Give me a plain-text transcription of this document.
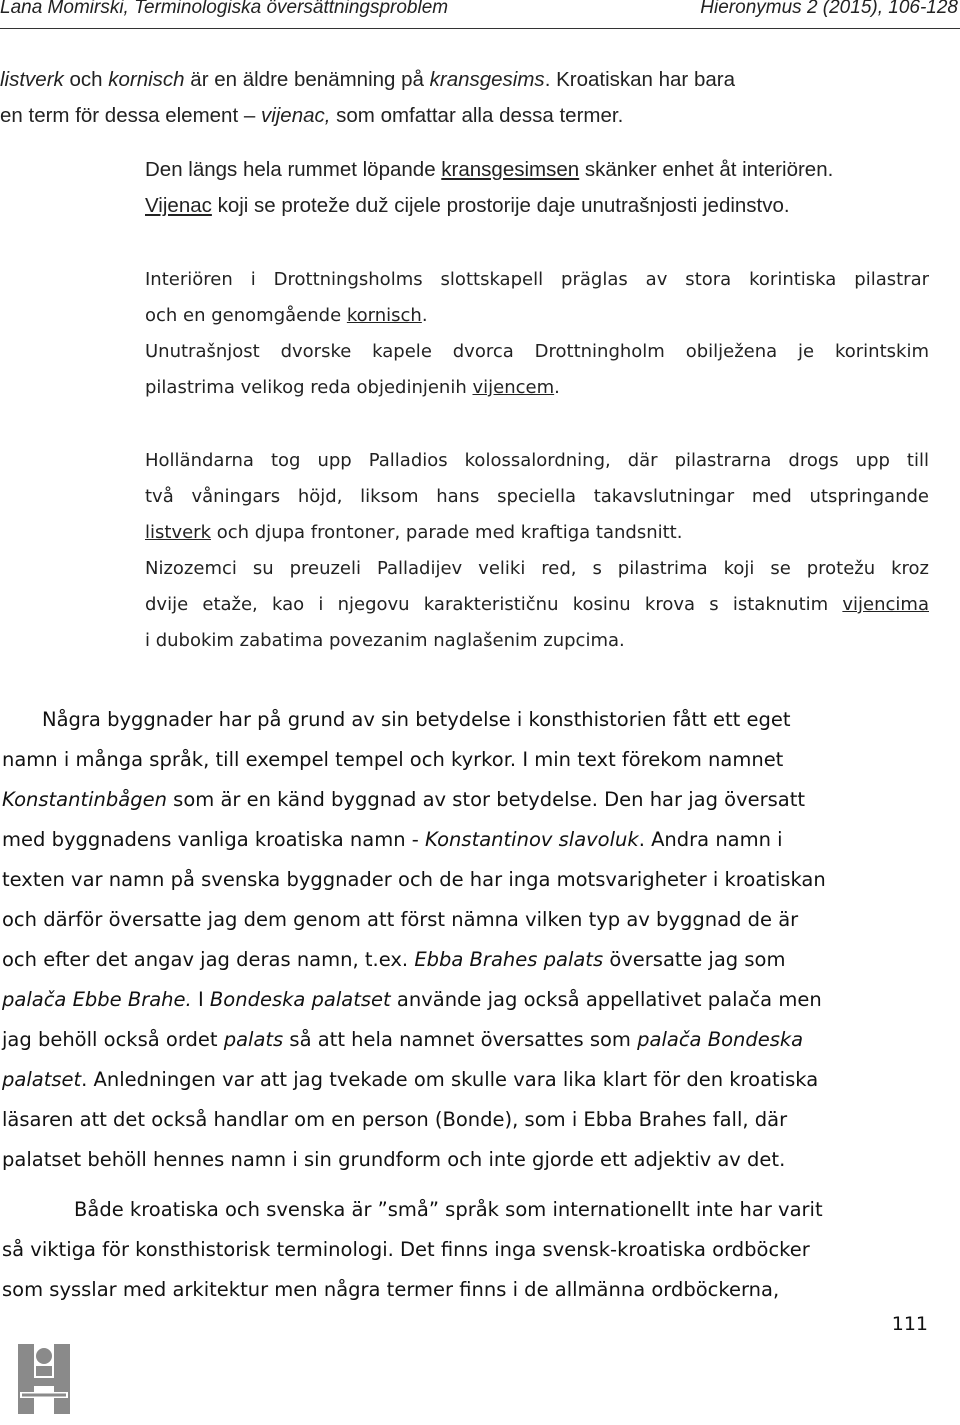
Lana Momirski, Terminologiska översättningsproblem	Hieronymus 2 (2015), 106-128
listverk och kornisch är en äldre benämning på kransgesims. Kroatiskan har bara
en term för dessa element – vijenac, som omfattar alla dessa termer.
Den längs hela rummet löpande kransgesimsen skänker enhet åt interiören.
Vijenac koji se proteže duž cijele prostorije daje unutrašnjosti jedinstvo.
Interiören i Drottningsholms slottskapell präglas av stora korintiska pilastrar
och en genomgående kornisch.
Unutrašnjost dvorske kapele dvorca Drottningholm obilježena je korintskim
pilastrima velikog reda objedinjenih vijencem.
Holländarna tog upp Palladios kolossalordning, där pilastrarna drogs upp till
två våningars höjd, liksom hans speciella takavslutningar med utspringande
listverk och djupa frontoner, parade med kraftiga tandsnitt.
Nizozemci su preuzeli Palladijev veliki red, s pilastrima koji se protežu kroz
dvije etaže, kao i njegovu karakterističnu kosinu krova s istaknutim vijencima
i dubokim zabatima povezanim naglašenim zupcima.
Några byggnader har på grund av sin betydelse i konsthistorien fått ett eget
namn i många språk, till exempel tempel och kyrkor. I min text förekom namnet
Konstantinbågen som är en känd byggnad av stor betydelse. Den har jag översatt
med byggnadens vanliga kroatiska namn - Konstantinov slavoluk. Andra namn i
texten var namn på svenska byggnader och de har inga motsvarigheter i kroatiskan
och därför översatte jag dem genom att först nämna vilken typ av byggnad de är
och efter det angav jag deras namn, t.ex. Ebba Brahes palats översatte jag som
palača Ebbe Brahe. I Bondeska palatset använde jag också appellativet palača men
jag behöll också ordet palats så att hela namnet översattes som palača Bondeska
palatset. Anledningen var att jag tvekade om skulle vara lika klart för den kroatiska
läsaren att det också handlar om en person (Bonde), som i Ebba Brahes fall, där
palatset behöll hennes namn i sin grundform och inte gjorde ett adjektiv av det.
Både kroatiska och svenska är ”små” språk som internationellt inte har varit
så viktiga för konsthistorisk terminologi. Det finns inga svensk-kroatiska ordböcker
som sysslar med arkitektur men några termer finns i de allmänna ordböckerna,
111
